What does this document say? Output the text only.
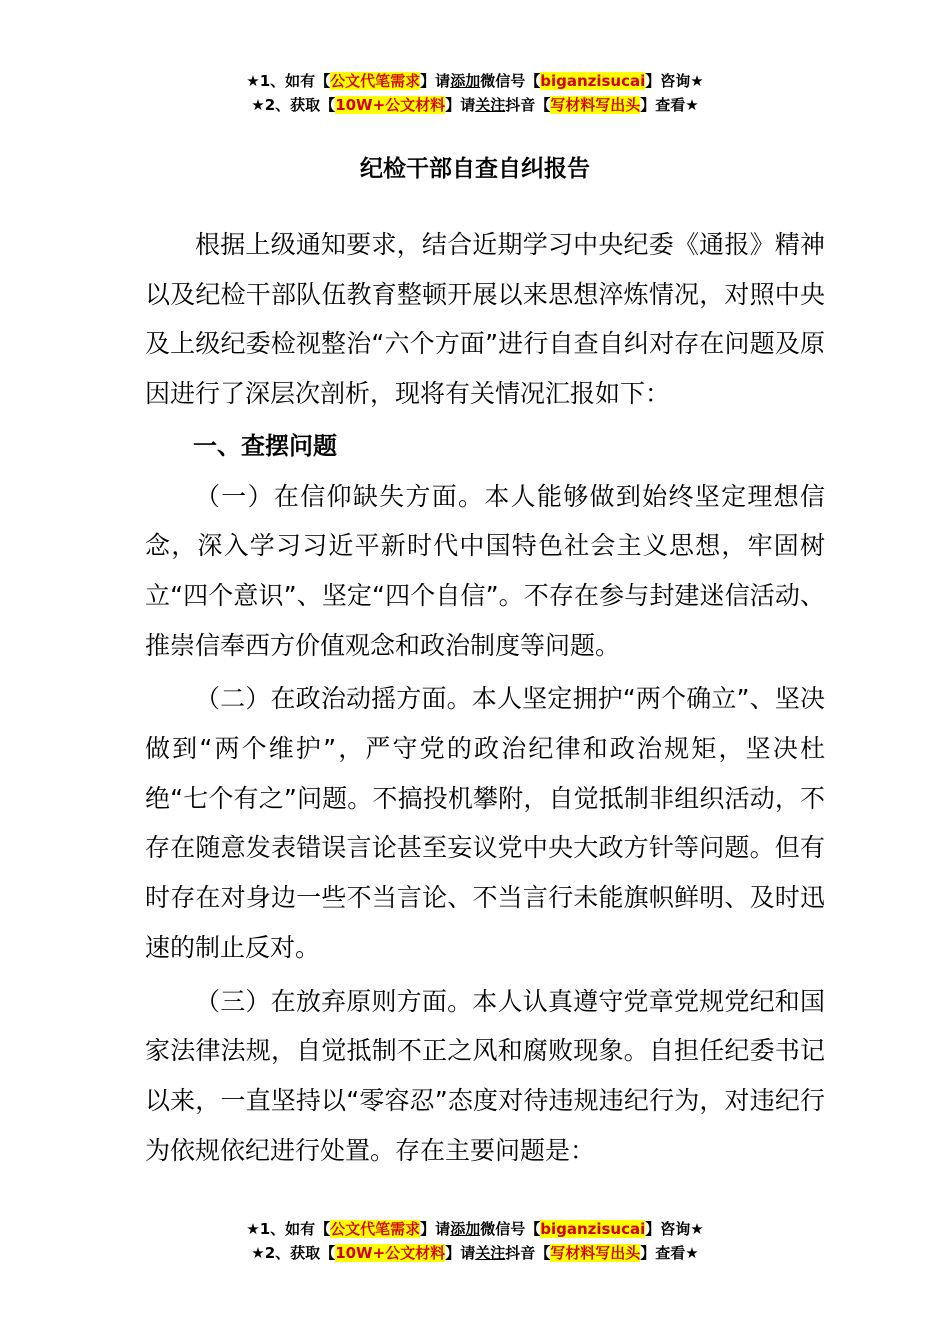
★1、如有【公文代笔需求】请添加微信号【biganzisucai】咨询★
★2、获取【10W+公文材料】请关注抖音【写材料写出头】查看★
纪检干部自查自纠报告

根据上级通知要求，结合近期学习中央纪委《通报》精神以及纪检干部队伍教育整顿开展以来思想淬炼情况，对照中央及上级纪委检视整治“六个方面”进行自查自纠对存在问题及原因进行了深层次剖析，现将有关情况汇报如下：

一、查摆问题

（一）在信仰缺失方面。本人能够做到始终坚定理想信念，深入学习习近平新时代中国特色社会主义思想，牢固树立“四个意识”、坚定“四个自信”。不存在参与封建迷信活动、推崇信奉西方价值观念和政治制度等问题。

（二）在政治动摇方面。本人坚定拥护“两个确立”、坚决做到“两个维护”，严守党的政治纪律和政治规矩，坚决杜绝“七个有之”问题。不搞投机攀附，自觉抵制非组织活动，不存在随意发表错误言论甚至妄议党中央大政方针等问题。但有时存在对身边一些不当言论、不当言行未能旗帜鲜明、及时迅速的制止反对。

（三）在放弃原则方面。本人认真遵守党章党规党纪和国家法律法规，自觉抵制不正之风和腐败现象。自担任纪委书记以来，一直坚持以“零容忍”态度对待违规违纪行为，对违纪行为依规依纪进行处置。存在主要问题是：

★1、如有【公文代笔需求】请添加微信号【biganzisucai】咨询★
★2、获取【10W+公文材料】请关注抖音【写材料写出头】查看★
